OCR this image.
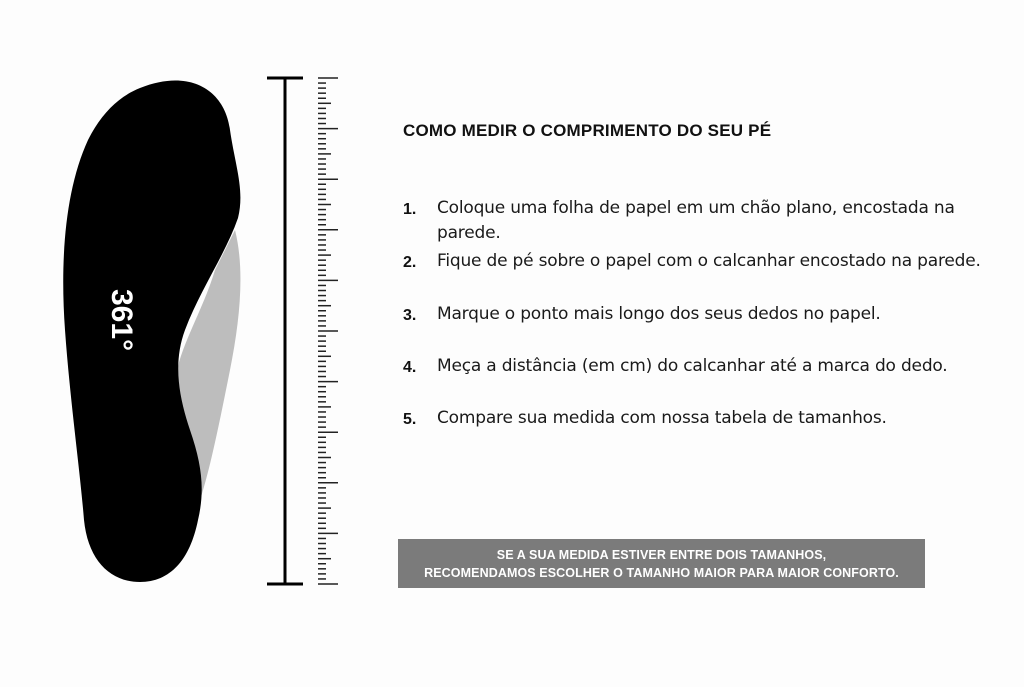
361°
COMO MEDIR O COMPRIMENTO DO SEU PÉ
1.	Coloque uma folha de papel em um chão plano, encostada na parede.
2.	Fique de pé sobre o papel com o calcanhar encostado na parede.
3.	Marque o ponto mais longo dos seus dedos no papel.
4.	Meça a distância (em cm) do calcanhar até a marca do dedo.
5.	Compare sua medida com nossa tabela de tamanhos.
SE A SUA MEDIDA ESTIVER ENTRE DOIS TAMANHOS,
RECOMENDAMOS ESCOLHER O TAMANHO MAIOR PARA MAIOR CONFORTO.
